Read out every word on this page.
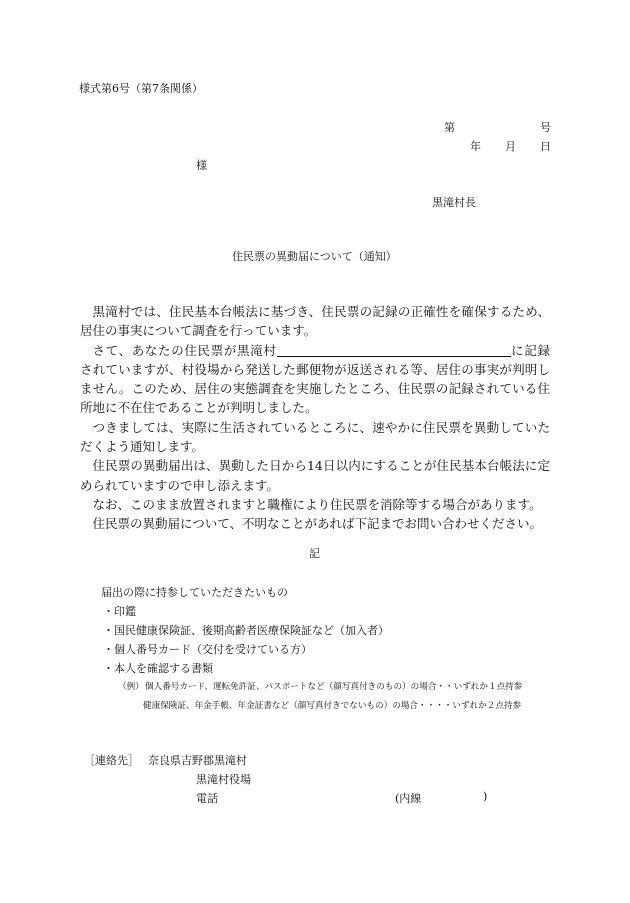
様式第6号（第7条関係）
第	号
年 月 日
様
黒滝村長
住民票の異動届について（通知）

黒滝村では、住民基本台帳法に基づき、住民票の記録の正確性を確保するため、居住の事実について調査を行っています。

さて、あなたの住民票が黒滝村	に記録されていますが、村役場から発送した郵便物が返送される等、居住の事実が判明しません。このため、居住の実態調査を実施したところ、住民票の記録されている住所地に不在住であることが判明しました。

つきましては、実際に生活されているところに、速やかに住民票を異動していただくよう通知します。

住民票の異動届出は、異動した日から14日以内にすることが住民基本台帳法に定められていますので申し添えます。

なお、このまま放置されますと職権により住民票を消除等する場合があります。

住民票の異動届について、不明なことがあれば下記までお問い合わせください。

記
届出の際に持参していただきたいもの
・印鑑
・国民健康保険証、後期高齢者医療保険証など（加入者）
・個人番号カード（交付を受けている方）
・本人を確認する書類
（例） 個人番号カード、運転免許証、パスポートなど（顔写真付きのもの）の場合・・いずれか１点持参
健康保険証、年金手帳、年金証書など（顔写真付きでないもの）の場合・・・・いずれか２点持参
［連絡先］ 奈良県吉野郡黒滝村
黒滝村役場
電話	(内線	)
